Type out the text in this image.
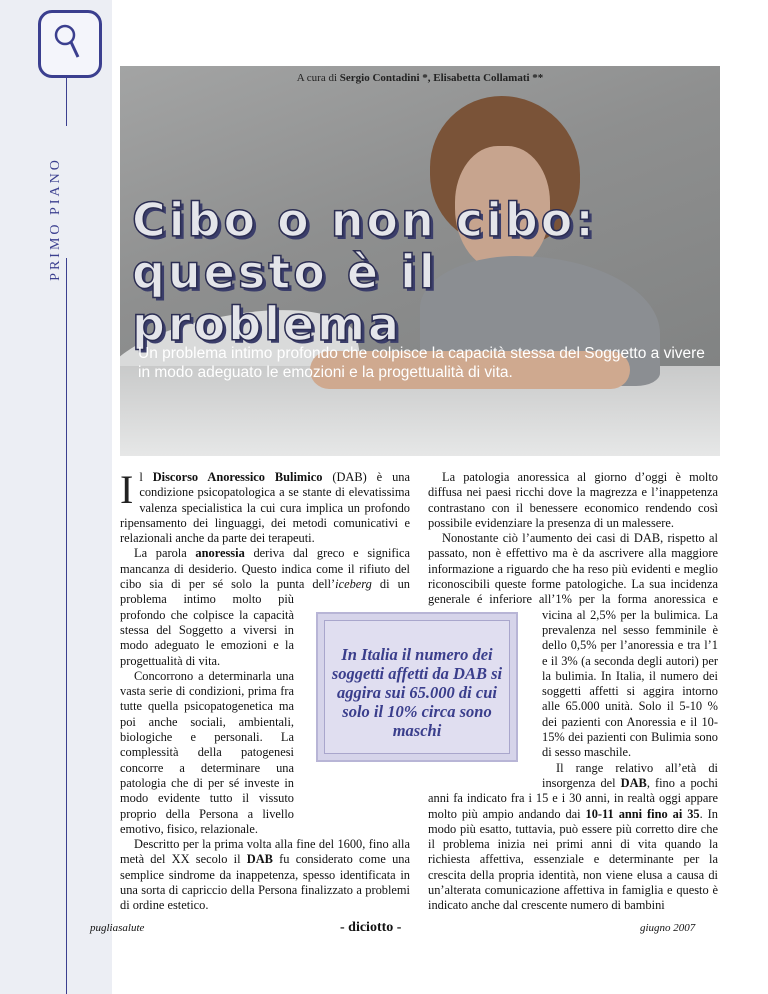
PRIMO PIANO
A cura di Sergio Contadini *, Elisabetta Collamati **
Cibo o non cibo:
questo è il problema
Un problema intimo profondo che colpisce la capacità stessa del Soggetto a vivere in modo adeguato le emozioni e la progettualità di vita.

Il Discorso Anoressico Bulimico (DAB) è una condizione psicopatologica a se stante di elevatissima valenza specialistica la cui cura implica un profondo ripensamento dei linguaggi, dei metodi comunicativi e relazionali anche da parte dei terapeuti.

La parola anoressia deriva dal greco e significa mancanza di desiderio. Questo indica come il rifiuto del cibo sia di per sé solo la punta dell’iceberg
di un problema intimo molto più profondo che colpisce la capacità stessa del Soggetto a viversi in modo adeguato le emozioni e la progettualità di vita.

Concorrono a determinarla una vasta serie di condizioni, prima fra tutte quella psicopatogenetica ma poi anche sociali, ambientali, biologiche e personali. La complessità della patogenesi concorre a determinare una patologia che di per sé investe in modo evidente tutto il vissuto proprio della Persona a livello emotivo, fisico, relazionale.

Descritto per la prima volta alla fine del 1600, fino alla metà del XX secolo il DAB fu considerato come una semplice sindrome da inappetenza, spesso identificata in una sorta di capriccio della Persona finalizzato a problemi di ordine estetico.

La patologia anoressica al giorno d’oggi è molto diffusa nei paesi ricchi dove la magrezza e l’inappetenza contrastano con il benessere economico rendendo così possibile evidenziare la presenza di un malessere.

Nonostante ciò l’aumento dei casi di DAB, rispetto al passato, non è effettivo ma è da ascrivere alla maggiore informazione a riguardo che ha reso più evidenti e meglio riconoscibili queste forme patologiche. La sua incidenza generale é inferiore all’1% per la forma
anoressica e vicina al 2,5% per la bulimica. La prevalenza nel sesso femminile è dello 0,5% per l’anoressia e tra l’1 e il 3% (a seconda degli autori) per la bulimia. In Italia, il numero dei soggetti affetti si aggira intorno alle 65.000 unità. Solo il 5-10 % dei pazienti con Anoressia e il 10-15% dei pazienti con Bulimia sono di sesso maschile.

Il range relativo all’età di insorgenza del DAB, fino a pochi anni fa indicato fra i 15 e i 30 anni, in realtà oggi appare molto più ampio andando dai 10-11 anni fino ai 35. In modo più esatto, tuttavia, può essere più corretto dire che il problema inizia nei primi anni di vita quando la richiesta affettiva, essenziale e determinante per la crescita della propria identità, non viene elusa a causa di un’alterata comunicazione affettiva in famiglia e questo è indicato anche dal crescente numero di bambini

In Italia il numero dei soggetti affetti da DAB si aggira sui 65.000 di cui solo il 10% circa sono maschi

pugliasalute	- diciotto -	giugno 2007
